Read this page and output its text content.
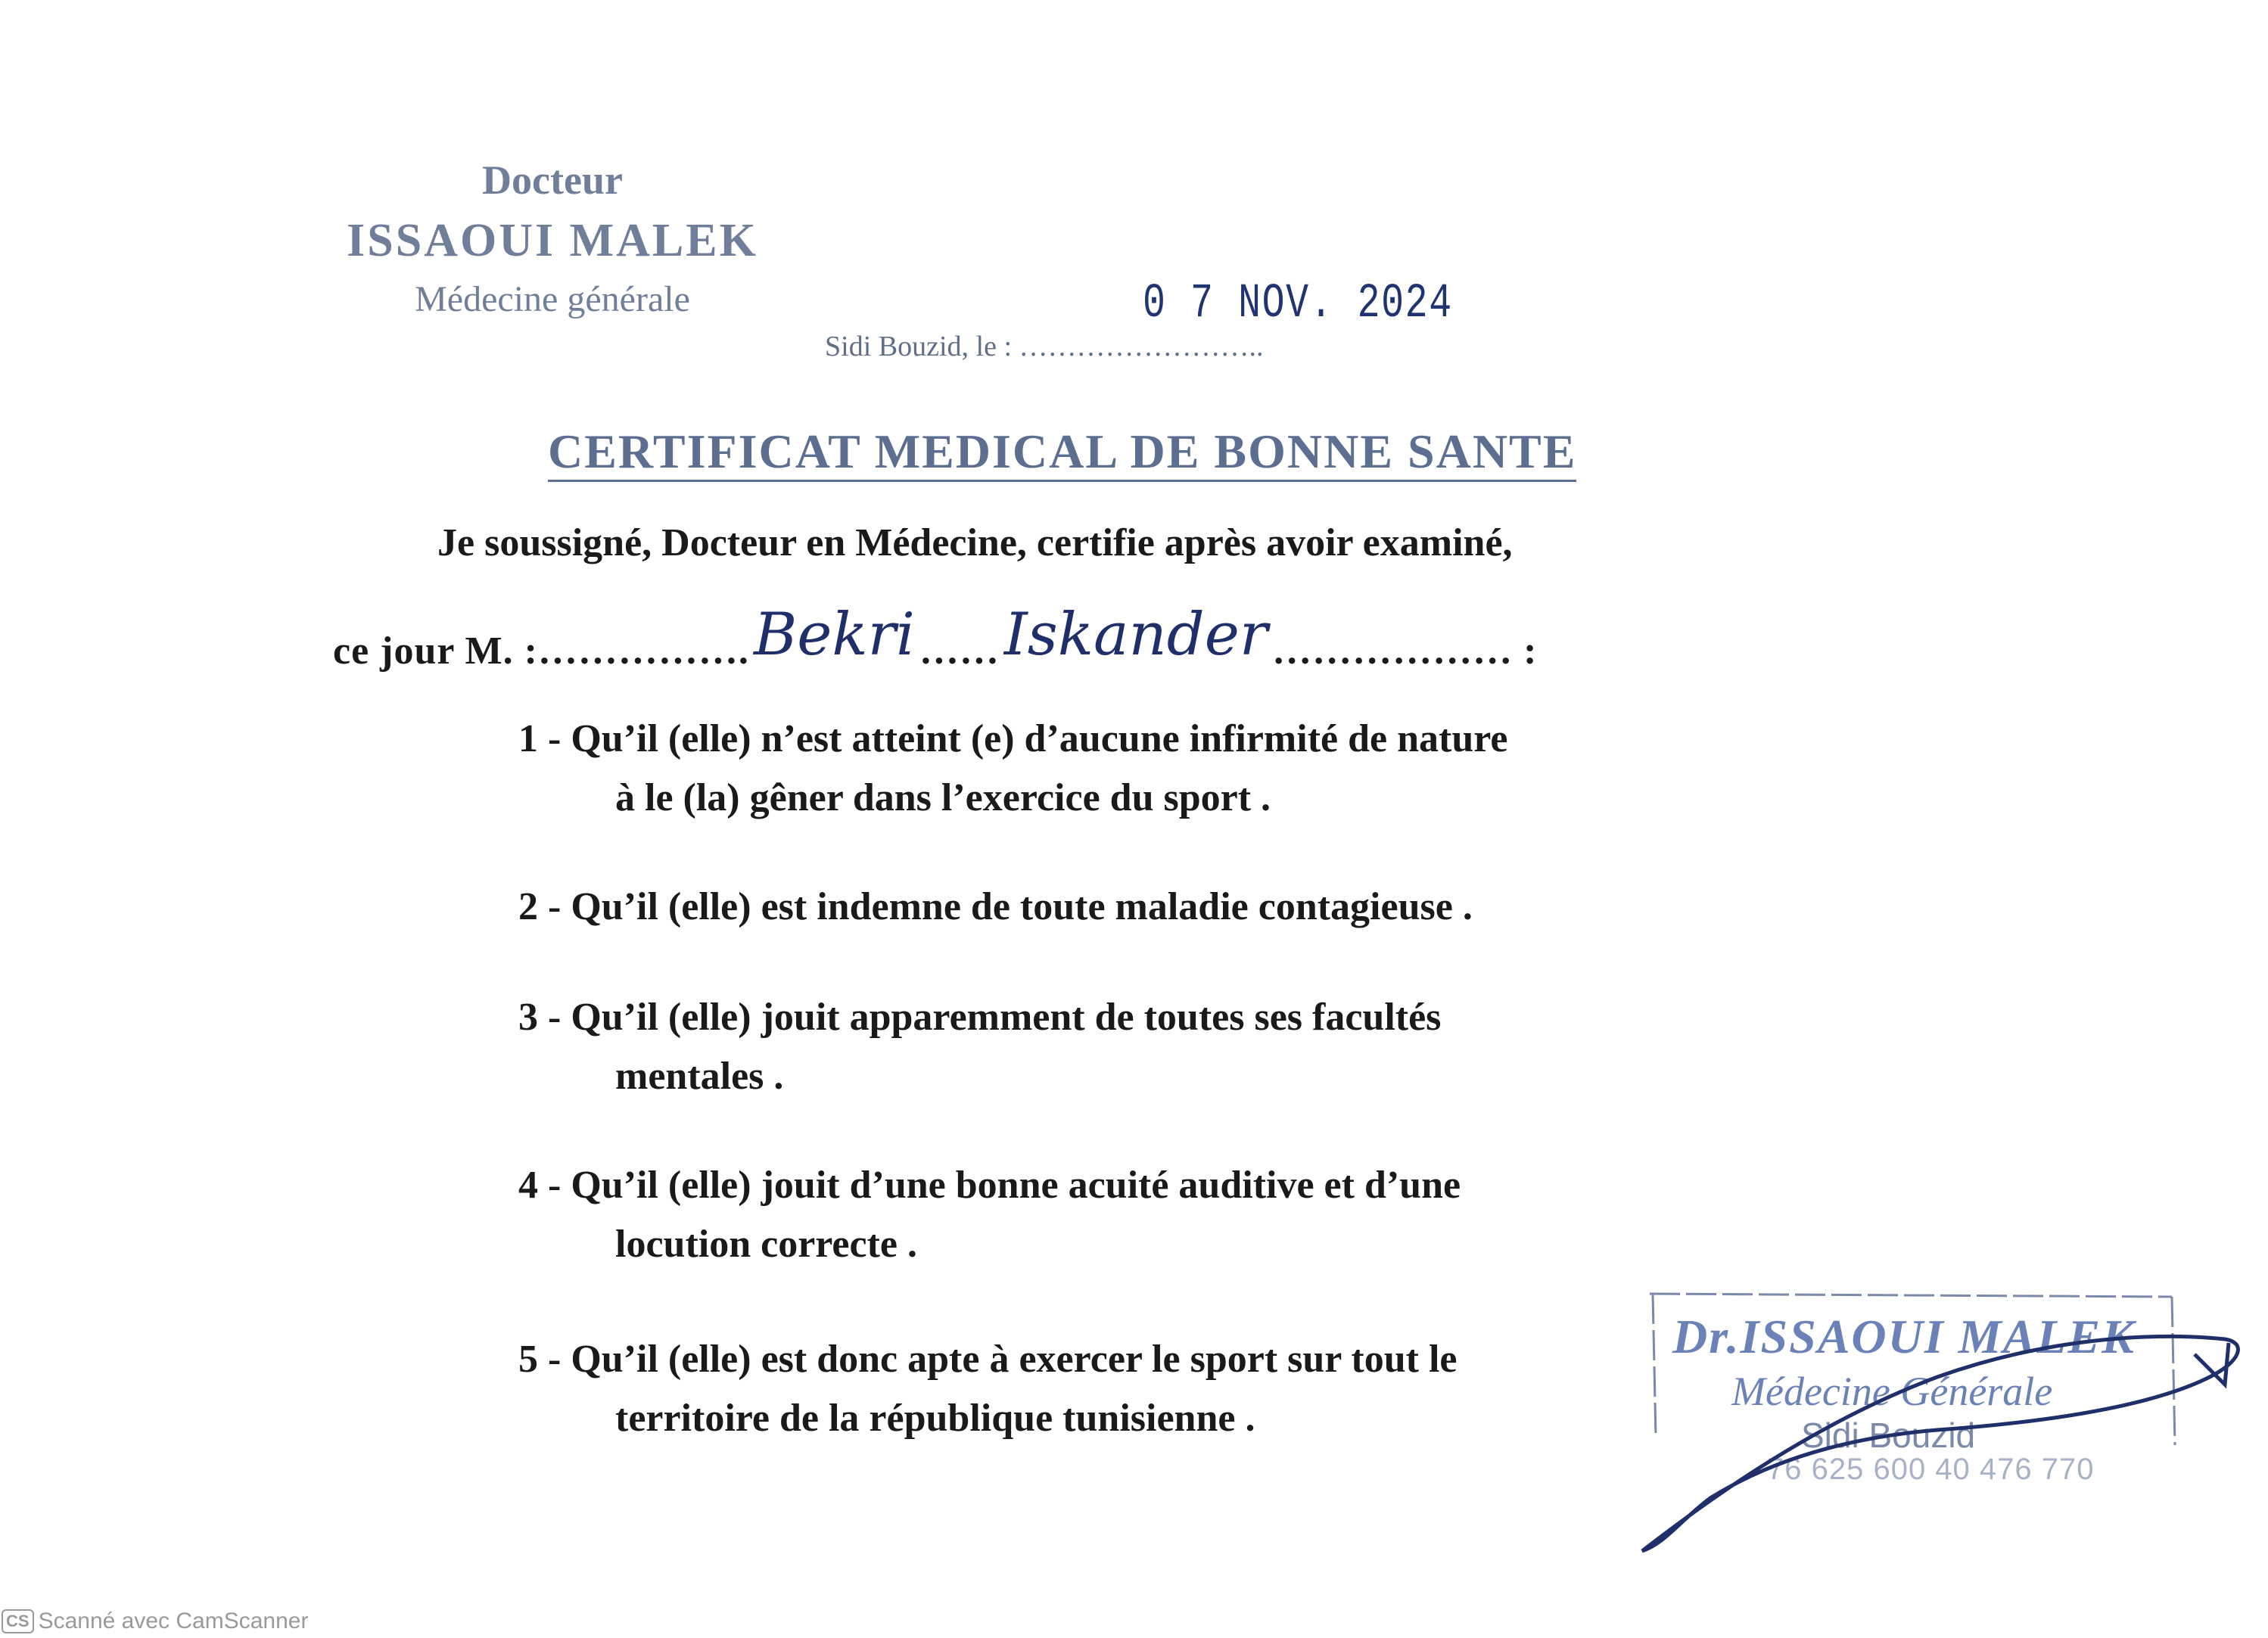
Docteur
ISSAOUI MALEK
Médecine générale	0 7 NOV. 2024
Sidi Bouzid, le : ……………………..
CERTIFICAT MEDICAL DE BONNE SANTE
Je soussigné, Docteur en Médecine, certifie après avoir examiné,
ce jour M. :……………. Bekri …… Iskander ……………… :
1 - Qu’il (elle) n’est atteint (e) d’aucune infirmité de nature
à le (la) gêner dans l’exercice du sport .
2 - Qu’il (elle) est indemne de toute maladie contagieuse .
3 - Qu’il (elle) jouit apparemment de toutes ses facultés
mentales .
4 - Qu’il (elle) jouit d’une bonne acuité auditive et d’une
locution correcte .
5 - Qu’il (elle) est donc apte à exercer le sport sur tout le
territoire de la république tunisienne .
Dr.ISSAOUI MALEK
Médecine Générale
Sidi Bouzid
76 625 600 40 476 770
CS Scanné avec CamScanner
